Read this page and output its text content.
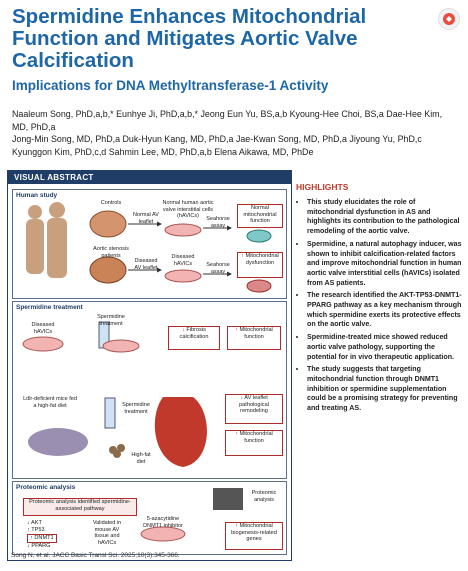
Spermidine Enhances Mitochondrial Function and Mitigates Aortic Valve Calcification
Implications for DNA Methyltransferase-1 Activity
Naaleum Song, PhD,a,b,* Eunhye Ji, PhD,a,b,* Jeong Eun Yu, BS,a,b Kyoung-Hee Choi, BS,a Dae-Hee Kim, MD, PhD,a
Jong-Min Song, MD, PhD,a Duk-Hyun Kang, MD, PhD,a Jae-Kwan Song, MD, PhD,a Jiyoung Yu, PhD,c
Kyunggon Kim, PhD,c,d Sahmin Lee, MD, PhD,a,b Elena Aikawa, MD, PhDe
VISUAL ABSTRACT
Human study
Controls
Normal AV leaflet
Normal human aortic valve interstitial cells (hAVICs)	Seahorse assay
Normal mitochondrial function
Aortic stenosis patients
Diseased AV leaflet
Diseased hAVICs	Seahorse assay
↑ Mitochondrial dysfunction
Spermidine treatment
Diseased hAVICs
Spermidine treatment
↓ Fibrosis calcification
↑ Mitochondrial function
Ldlr-deficient mice fed a high-fat diet	Spermidine treatment
High-fat diet
↓ AV leaflet pathological remodeling
↑ Mitochondrial function
Proteomic analysis
Proteomic analysis identified spermidine-associated pathway
Proteomic analysis
↓ AKT
↑ TP53
↑ DNMT1
↓ PPARG
Validated in mouse AV tissue and hAVICs
5-azacytidine DNMT1 inhibitor	↑ Mitochondrial biogenesis-related genes
Song N, et al. JACC Basic Transl Sci. 2025;10(3):345-366.
HIGHLIGHTS
• This study elucidates the role of mitochondrial dysfunction in AS and highlights its contribution to the pathological remodeling of the aortic valve.
• Spermidine, a natural autophagy inducer, was shown to inhibit calcification-related factors and improve mitochondrial function in human aortic valve interstitial cells (hAVICs) isolated from AS patients.
• The research identified the AKT-TP53-DNMT1-PPARG pathway as a key mechanism through which spermidine exerts its protective effects on the aortic valve.
• Spermidine-treated mice showed reduced aortic valve pathology, supporting the potential for in vivo therapeutic application.
• The study suggests that targeting mitochondrial function through DNMT1 inhibition or spermidine supplementation could be a promising strategy for preventing and treating AS.
